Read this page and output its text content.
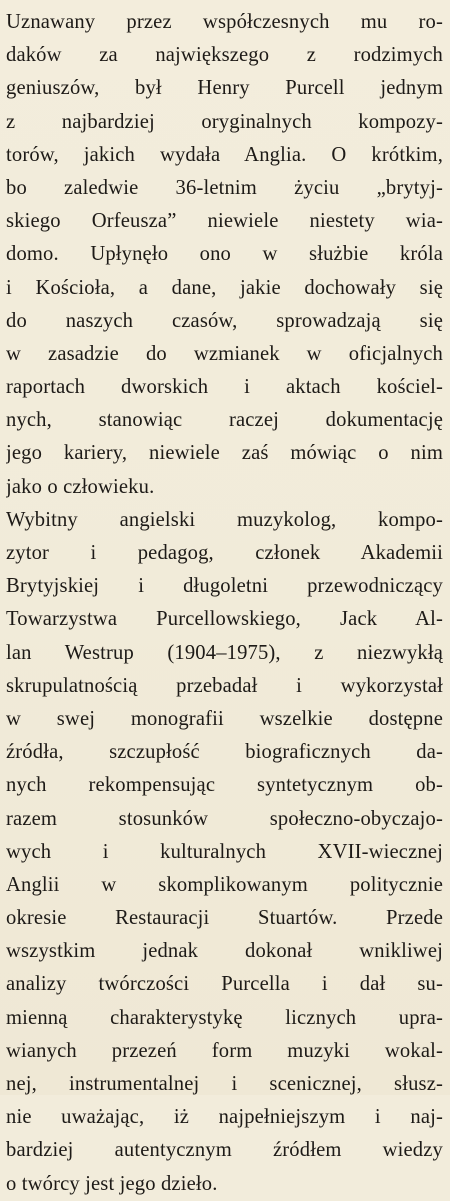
Uznawany przez współczesnych mu ro-
daków za największego z rodzimych
geniuszów, był Henry Purcell jednym
z najbardziej oryginalnych kompozy-
torów, jakich wydała Anglia. O krótkim,
bo zaledwie 36-letnim życiu „brytyj-
skiego Orfeusza” niewiele niestety wia-
domo. Upłynęło ono w służbie króla
i Kościoła, a dane, jakie dochowały się
do naszych czasów, sprowadzają się
w zasadzie do wzmianek w oficjalnych
raportach dworskich i aktach kościel-
nych, stanowiąc raczej dokumentację
jego kariery, niewiele zaś mówiąc o nim
jako o człowieku.
Wybitny angielski muzykolog, kompo-
zytor i pedagog, członek Akademii
Brytyjskiej i długoletni przewodniczący
Towarzystwa Purcellowskiego, Jack Al-
lan Westrup (1904–1975), z niezwykłą
skrupulatnością przebadał i wykorzystał
w swej monografii wszelkie dostępne
źródła, szczupłość biograficznych da-
nych rekompensując syntetycznym ob-
razem stosunków społeczno-obyczajo-
wych i kulturalnych XVII-wiecznej
Anglii w skomplikowanym politycznie
okresie Restauracji Stuartów. Przede
wszystkim jednak dokonał wnikliwej
analizy twórczości Purcella i dał su-
mienną charakterystykę licznych upra-
wianych przezeń form muzyki wokal-
nej, instrumentalnej i scenicznej, słusz-
nie uważając, iż najpełniejszym i naj-
bardziej autentycznym źródłem wiedzy
o twórcy jest jego dzieło.
